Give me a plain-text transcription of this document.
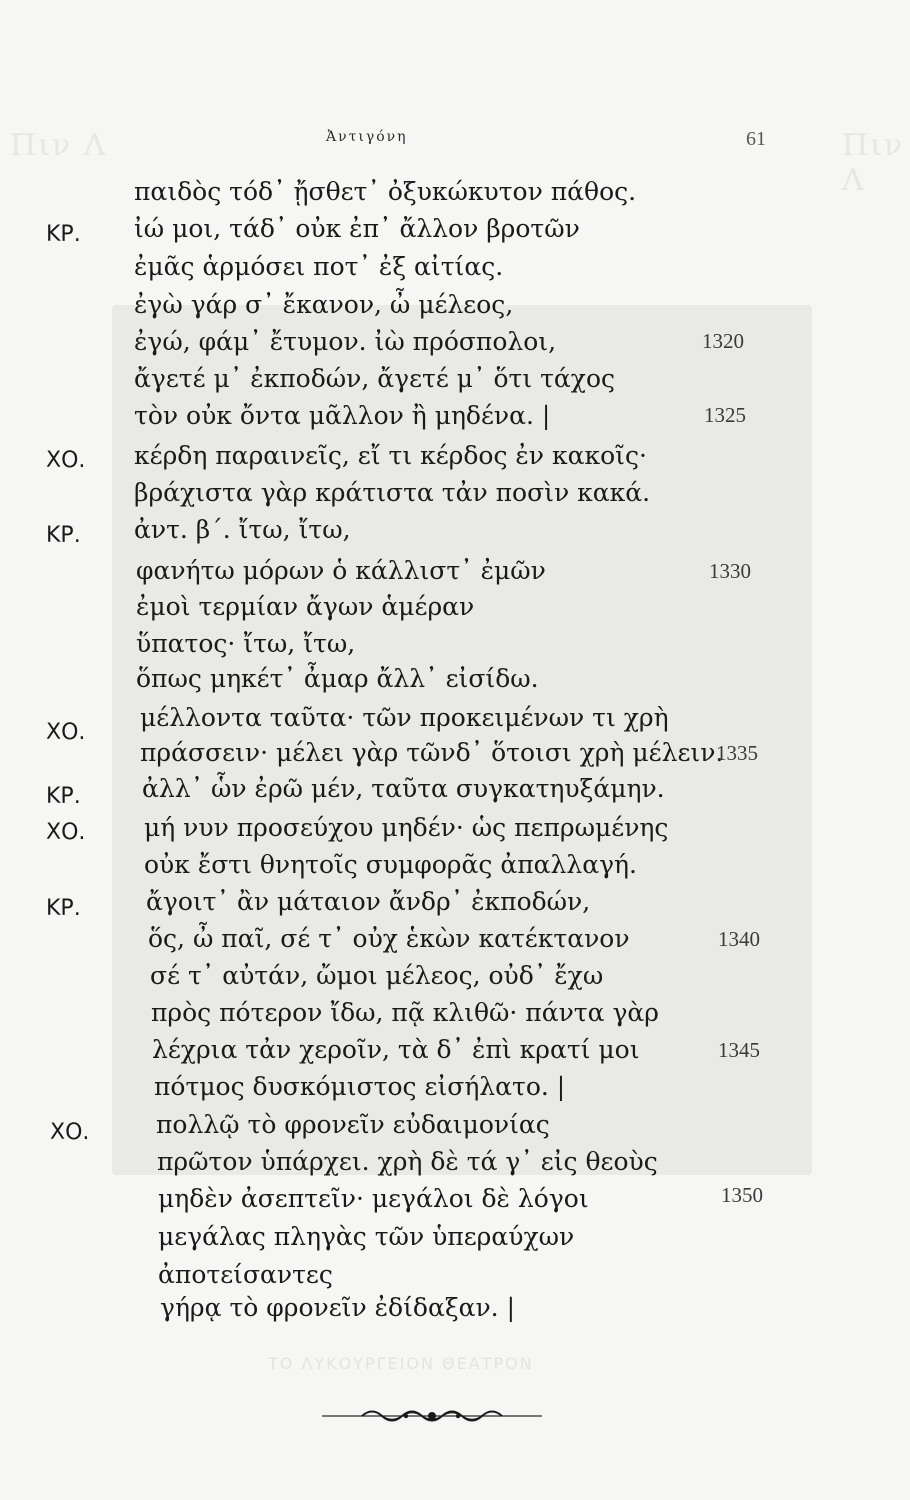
Πιν Λ	Πιν Λ
ΤΟ ΛΥΚΟΥΡΓΕΙΟΝ ΘΕΑΤΡΟΝ
Ἀντιγόνη	61
παιδὸς τόδ᾽ ᾔσθετ᾽ ὀξυκώκυτον πάθος.
ἰώ μοι, τάδ᾽ οὐκ ἐπ᾽ ἄλλον βροτῶν
ἐμᾶς ἁρμόσει ποτ᾽ ἐξ αἰτίας.
ἐγὼ γάρ σ᾽ ἔκανον, ὦ μέλεος,
ἐγώ, φάμ᾽ ἔτυμον. ἰὼ πρόσπολοι,
ἄγετέ μ᾽ ἐκποδών, ἄγετέ μ᾽ ὅτι τάχος
τὸν οὐκ ὄντα μᾶλλον ἢ μηδένα. |
κέρδη παραινεῖς, εἴ τι κέρδος ἐν κακοῖς·
βράχιστα γὰρ κράτιστα τἀν ποσὶν κακά.
ἀντ. β΄. ἴτω, ἴτω,
φανήτω μόρων ὁ κάλλιστ᾽ ἐμῶν
ἐμοὶ τερμίαν ἄγων ἁμέραν
ὕπατος· ἴτω, ἴτω,
ὅπως μηκέτ᾽ ἆμαρ ἄλλ᾽ εἰσίδω.
μέλλοντα ταῦτα· τῶν προκειμένων τι χρὴ
πράσσειν· μέλει γὰρ τῶνδ᾽ ὅτοισι χρὴ μέλειν.
ἀλλ᾽ ὧν ἐρῶ μέν, ταῦτα συγκατηυξάμην.
μή νυν προσεύχου μηδέν· ὡς πεπρωμένης
οὐκ ἔστι θνητοῖς συμφορᾶς ἀπαλλαγή.
ἄγοιτ᾽ ἂν μάταιον ἄνδρ᾽ ἐκποδών,
ὅς, ὦ παῖ, σέ τ᾽ οὐχ ἑκὼν κατέκτανον
σέ τ᾽ αὐτάν, ὤμοι μέλεος, οὐδ᾽ ἔχω
πρὸς πότερον ἴδω, πᾷ κλιθῶ· πάντα γὰρ
λέχρια τἀν χεροῖν, τὰ δ᾽ ἐπὶ κρατί μοι
πότμος δυσκόμιστος εἰσήλατο. |
πολλῷ τὸ φρονεῖν εὐδαιμονίας
πρῶτον ὑπάρχει. χρὴ δὲ τά γ᾽ εἰς θεοὺς
μηδὲν ἀσεπτεῖν· μεγάλοι δὲ λόγοι
μεγάλας πληγὰς τῶν ὑπεραύχων
ἀποτείσαντες
γήρᾳ τὸ φρονεῖν ἐδίδαξαν. |
ΚΡ.
ΧΟ.
ΚΡ.
ΧΟ.
ΚΡ.
ΧΟ.
ΚΡ.
ΧΟ.
1320
1325
1330
1335
1340
1345
1350
